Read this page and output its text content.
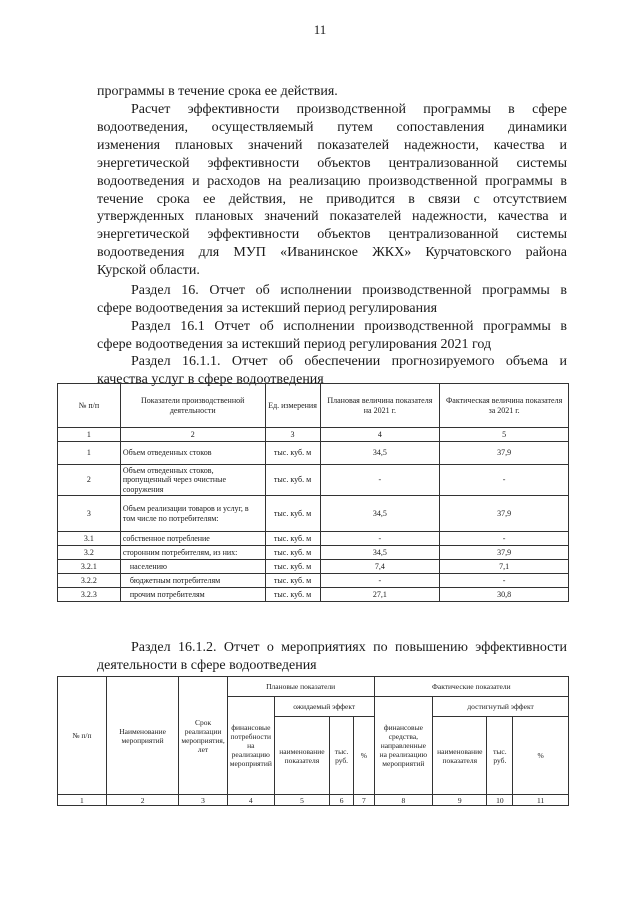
11
программы в течение срока ее действия.
Расчет эффективности производственной программы в сфере
водоотведения, осуществляемый путем сопоставления динамики
изменения плановых значений показателей надежности, качества и
энергетической эффективности объектов централизованной системы
водоотведения и расходов на реализацию производственной программы в
течение срока ее действия, не приводится в связи с отсутствием
утвержденных плановых значений показателей надежности, качества и
энергетической эффективности объектов централизованной системы
водоотведения для МУП «Иванинское ЖКХ» Курчатовского района
Курской области.
Раздел 16. Отчет об исполнении производственной программы в
сфере водоотведения за истекший период регулирования
Раздел 16.1 Отчет об исполнении производственной программы в
сфере водоотведения за истекший период регулирования 2021 год
Раздел 16.1.1. Отчет об обеспечении прогнозируемого объема и
качества услуг в сфере водоотведения
№ п/п	Показатели производственной деятельности	Ед. измерения	Плановая величина показателя на 2021 г.	Фактическая величина показателя за 2021 г.
1	2	3	4	5
1	Объем отведенных стоков	тыс. куб. м	34,5	37,9
2	Объем отведенных стоков, пропущенный через очистные сооружения	тыс. куб. м	-	-
3	Объем реализации товаров и услуг, в том числе по потребителям:	тыс. куб. м	34,5	37,9
3.1	собственное потребление	тыс. куб. м	-	-
3.2	сторонним потребителям, из них:	тыс. куб. м	34,5	37,9
3.2.1	населению	тыс. куб. м	7,4	7,1
3.2.2	бюджетным потребителям	тыс. куб. м	-	-
3.2.3	прочим потребителям	тыс. куб. м	27,1	30,8
Раздел 16.1.2. Отчет о мероприятиях по повышению эффективности
деятельности в сфере водоотведения
№ п/п	Наименование мероприятий	Срок реализации мероприятия, лет	Плановые показатели				Фактические показатели			
			финансовые потребности на реализацию мероприятий	ожидаемый эффект			финансовые средства, направленные на реализацию мероприятий	достигнутый эффект		
				наименование показателя	тыс. руб.	%		наименование показателя	тыс. руб.	%
1	2	3	4	5	6	7	8	9	10	11
